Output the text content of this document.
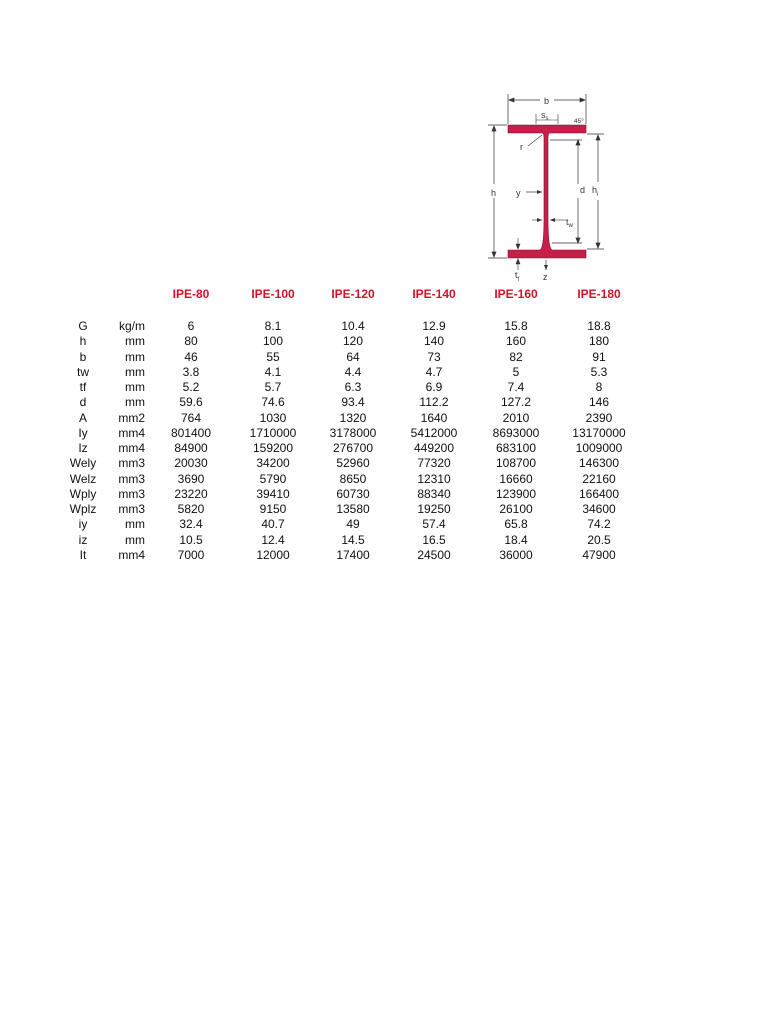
b
$s_s$	45°
r
h y	d $h_i$
$t_w$
$t_f$	z
IPE-80	IPE-100	IPE-120	IPE-140	IPE-160	IPE-180
G	kg/m	6	8.1	10.4	12.9	15.8	18.8
h	mm	80	100	120	140	160	180
b	mm	46	55	64	73	82	91
tw	mm	3.8	4.1	4.4	4.7	5	5.3
tf	mm	5.2	5.7	6.3	6.9	7.4	8
d	mm	59.6	74.6	93.4	112.2	127.2	146
A	mm2	764	1030	1320	1640	2010	2390
Iy	mm4 801400	1710000	3178000	5412000	8693000	13170000
Iz	mm4 84900	159200	276700	449200	683100	1009000
Wely mm3 20030	34200	52960	77320	108700	146300
Welz mm3	3690	5790	8650	12310	16660	22160
Wply mm3 23220	39410	60730	88340	123900	166400
Wplz mm3	5820	9150	13580	19250	26100	34600
iy	mm	32.4	40.7	49	57.4	65.8	74.2
iz	mm	10.5	12.4	14.5	16.5	18.4	20.5
It	mm4	7000	12000	17400	24500	36000	47900
